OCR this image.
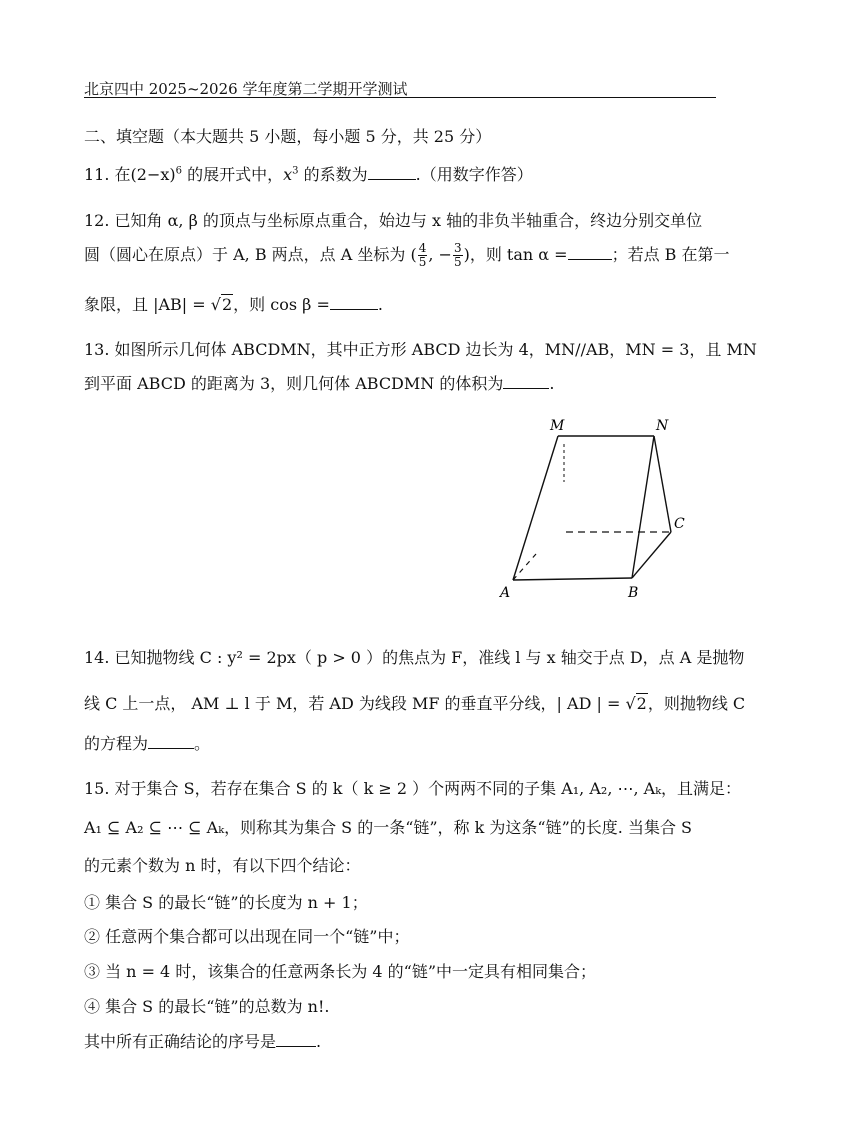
北京四中 2025~2026 学年度第二学期开学测试
二、填空题（本大题共 5 小题，每小题 5 分，共 25 分）
11. 在$(2-x)^6$ 的展开式中，$x^3$ 的系数为	.（用数字作答）
12. 已知角 α, β 的顶点与坐标原点重合，始边与 x 轴的非负半轴重合，终边分别交单位
圆（圆心在原点）于 A, B 两点，点 A 坐标为 ( $\frac{4}{5}$ , − $\frac{3}{5}$ )，则 tan α =	；若点 B 在第一
象限，且 |AB| = √2，则 cos β =	.
13. 如图所示几何体 ABCDMN，其中正方形 ABCD 边长为 4，MN//AB，MN = 3，且 MN
到平面 ABCD 的距离为 3，则几何体 ABCDMN 的体积为	.
M	N
C
A	B
14. 已知抛物线 C : y² = 2px（ p > 0 ）的焦点为 F，准线 l 与 x 轴交于点 D，点 A 是抛物
线 C 上一点， AM ⊥ l 于 M，若 AD 为线段 MF 的垂直平分线，| AD | = √2，则抛物线 C
的方程为	。
15. 对于集合 S，若存在集合 S 的 k（ k ≥ 2 ）个两两不同的子集 A₁, A₂, ⋯, Aₖ，且满足：
A₁ ⊆ A₂ ⊆ ⋯ ⊆ Aₖ，则称其为集合 S 的一条“链”，称 k 为这条“链”的长度. 当集合 S
的元素个数为 n 时，有以下四个结论：
① 集合 S 的最长“链”的长度为 n + 1；
② 任意两个集合都可以出现在同一个“链”中；
③ 当 n = 4 时，该集合的任意两条长为 4 的“链”中一定具有相同集合；
④ 集合 S 的最长“链”的总数为 n!.
其中所有正确结论的序号是	.
